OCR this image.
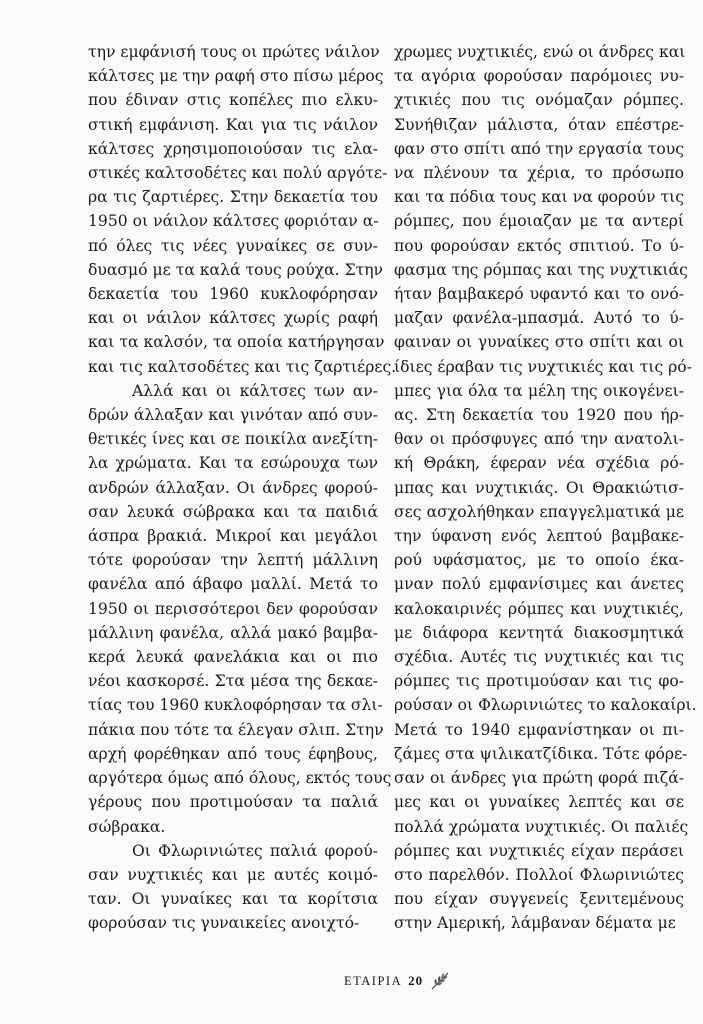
την εμφάνισή τους οι πρώτες νάιλον
κάλτσες με την ραφή στο πίσω μέρος
που έδιναν στις κοπέλες πιο ελκυ-
στική εμφάνιση. Και για τις νάιλον
κάλτσες χρησιμοποιούσαν τις ελα-
στικές καλτσοδέτες και πολύ αργότε-
ρα τις ζαρτιέρες. Στην δεκαετία του
1950 οι νάιλον κάλτσες φοριόταν α-
πό όλες τις νέες γυναίκες σε συν-
δυασμό με τα καλά τους ρούχα. Στην
δεκαετία του 1960 κυκλοφόρησαν
και οι νάιλον κάλτσες χωρίς ραφή
και τα καλσόν, τα οποία κατήργησαν
και τις καλτσοδέτες και τις ζαρτιέρες.

Αλλά και οι κάλτσες των αν-
δρών άλλαξαν και γινόταν από συν-
θετικές ίνες και σε ποικίλα ανεξίτη-
λα χρώματα. Και τα εσώρουχα των
ανδρών άλλαξαν. Οι άνδρες φορού-
σαν λευκά σώβρακα και τα παιδιά
άσπρα βρακιά. Μικροί και μεγάλοι
τότε φορούσαν την λεπτή μάλλινη
φανέλα από άβαφο μαλλί. Μετά το
1950 οι περισσότεροι δεν φορούσαν
μάλλινη φανέλα, αλλά μακό βαμβα-
κερά λευκά φανελάκια και οι πιο
νέοι κασκορσέ. Στα μέσα της δεκαε-
τίας του 1960 κυκλοφόρησαν τα σλι-
πάκια που τότε τα έλεγαν σλιπ. Στην
αρχή φορέθηκαν από τους έφηβους,
αργότερα όμως από όλους, εκτός τους
γέρους που προτιμούσαν τα παλιά
σώβρακα.

Οι Φλωρινιώτες παλιά φορού-
σαν νυχτικιές και με αυτές κοιμό-
ταν. Οι γυναίκες και τα κορίτσια
φορούσαν τις γυναικείες ανοιχτό-

χρωμες νυχτικιές, ενώ οι άνδρες και
τα αγόρια φορούσαν παρόμοιες νυ-
χτικιές που τις ονόμαζαν ρόμπες.
Συνήθιζαν μάλιστα, όταν επέστρε-
φαν στο σπίτι από την εργασία τους
να πλένουν τα χέρια, το πρόσωπο
και τα πόδια τους και να φορούν τις
ρόμπες, που έμοιαζαν με τα αντερί
που φορούσαν εκτός σπιτιού. Το ύ-
φασμα της ρόμπας και της νυχτικιάς
ήταν βαμβακερό υφαντό και το ονό-
μαζαν φανέλα-μπασμά. Αυτό το ύ-
φαιναν οι γυναίκες στο σπίτι και οι
ίδιες έραβαν τις νυχτικιές και τις ρό-
μπες για όλα τα μέλη της οικογένει-
ας. Στη δεκαετία του 1920 που ήρ-
θαν οι πρόσφυγες από την ανατολι-
κή Θράκη, έφεραν νέα σχέδια ρό-
μπας και νυχτικιάς. Οι Θρακιώτισ-
σες ασχολήθηκαν επαγγελματικά με
την ύφανση ενός λεπτού βαμβακε-
ρού υφάσματος, με το οποίο έκα-
μναν πολύ εμφανίσιμες και άνετες
καλοκαιρινές ρόμπες και νυχτικιές,
με διάφορα κεντητά διακοσμητικά
σχέδια. Αυτές τις νυχτικιές και τις
ρόμπες τις προτιμούσαν και τις φο-
ρούσαν οι Φλωρινιώτες το καλοκαίρι.
Μετά το 1940 εμφανίστηκαν οι πι-
ζάμες στα ψιλικατζίδικα. Τότε φόρε-
σαν οι άνδρες για πρώτη φορά πιζά-
μες και οι γυναίκες λεπτές και σε
πολλά χρώματα νυχτικιές. Οι παλιές
ρόμπες και νυχτικιές είχαν περάσει
στο παρελθόν. Πολλοί Φλωρινιώτες
που είχαν συγγενείς ξενιτεμένους
στην Αμερική, λάμβαναν δέματα με

ΕΤΑΙΡΙΑ 20
